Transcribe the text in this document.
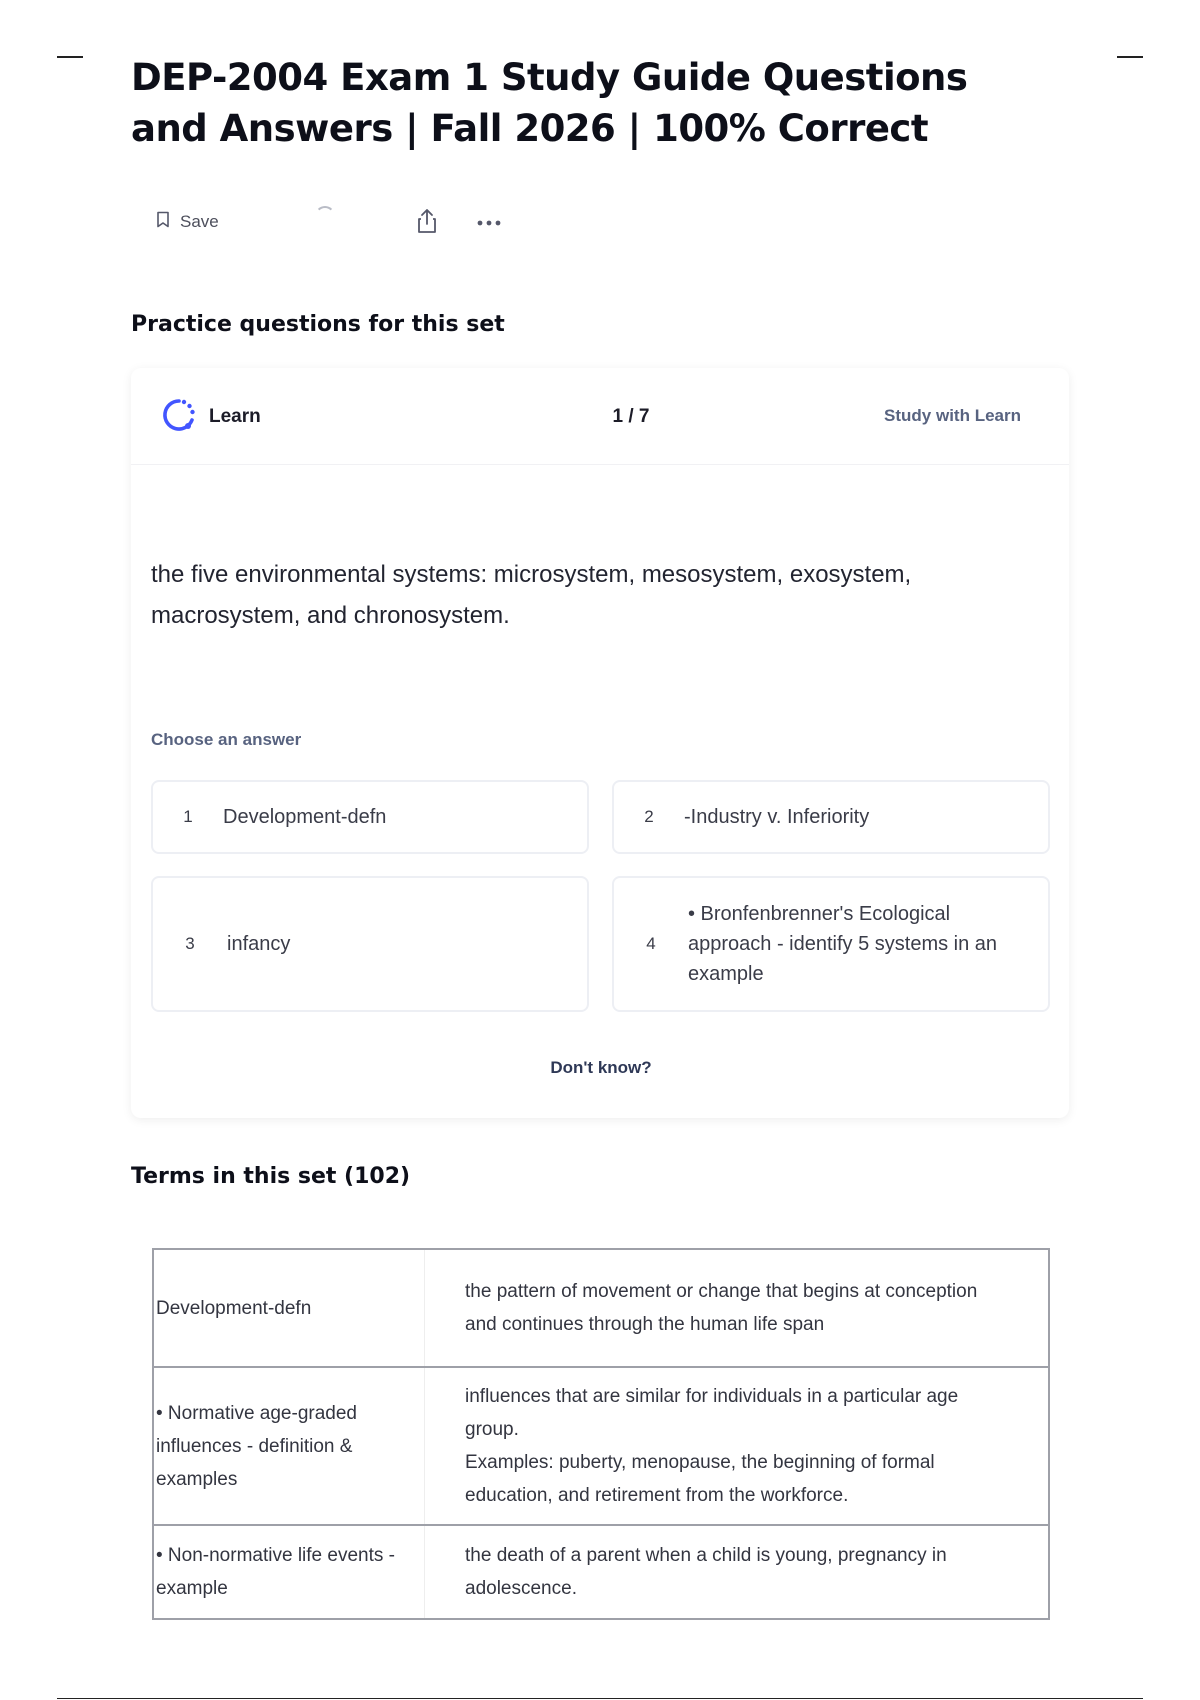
DEP-2004 Exam 1 Study Guide Questions and Answers | Fall 2026 | 100% Correct
Save
Practice questions for this set
Learn	1 / 7	Study with Learn

the five environmental systems: microsystem, mesosystem, exosystem, macrosystem, and chronosystem.

Choose an answer
1	Development-defn	2	-Industry v. Inferiority
3	infancy	4
• Bronfenbrenner's Ecological approach - identify 5 systems in an example
Don't know?
Terms in this set (102)
Development-defn	the pattern of movement or change that begins at conception and continues through the human life span

• Normative age-graded influences - definition & examples	influences that are similar for individuals in a particular age group.
Examples: puberty, menopause, the beginning of formal education, and retirement from the workforce.

• Non-normative life events - example	the death of a parent when a child is young, pregnancy in adolescence.
